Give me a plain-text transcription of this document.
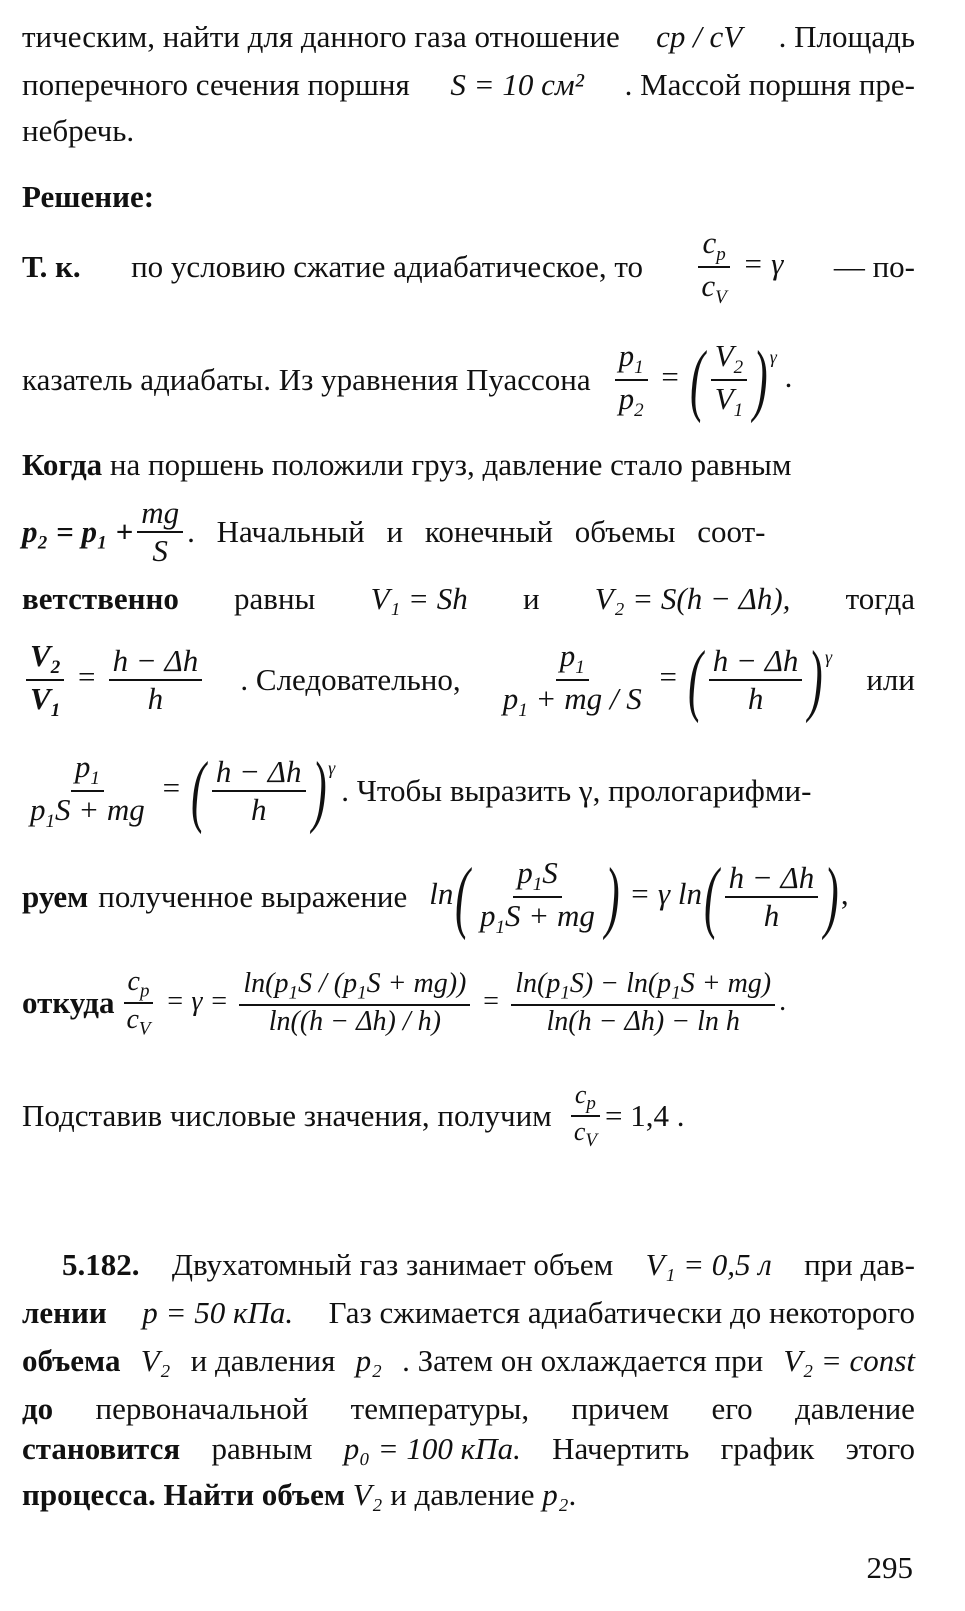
тическим, найти для данного газа отношение cp / cV . Площадь
поперечного сечения поршня S = 10 см² . Массой поршня пре-
небречь.
Решение:
Т. к. по условию сжатие адиабатическое, то $\frac{c_p}{c_V} = \gamma$ — по-
казатель адиабаты. Из уравнения Пуассона $\frac{p_1}{p_2}$ = ( $\frac{V_2}{V_1}$ ) $^\gamma$ .
Когда на поршень положили груз, давление стало равным
$p_2 = p_1 + \frac{mg}{S}$ . Начальный и конечный объемы соот-
ветственно равны V₁ = Sh и V₂ = S(h − Δh), тогда
$\frac{V_2}{V_1} = \frac{h - \Delta h}{h}$ . Следовательно, $\frac{p_1}{p_1 + mg / S}$ = ( $\frac{h - \Delta h}{h}$ ) $^\gamma$
или
$\frac{p_1}{p_1S + mg}$ = ( $\frac{h - \Delta h}{h}$ ) $^\gamma$
. Чтобы выразить γ, прологарифми-
руем полученное выражение $\ln( \frac{p_1S}{p_1S + mg}$ ) = γ $\ln( \frac{h - \Delta h}{h}$ ),
откуда $\frac{c_p}{c_V} = \gamma = \frac{\ln(p_1S / (p_1S + mg))}{\ln((h - \Delta h) / h)} = \frac{\ln(p_1S) - \ln(p_1S + mg)}{\text{ln(h − Δh) − ln h}}$ .
Подставив числовые значения, получим $\frac{c_p}{c_V} = 1,4$ .
5.182. Двухатомный газ занимает объем V₁ = 0,5 л при дав-
лении p = 50 кПа. Газ сжимается адиабатически до некоторого
объема V₂ и давления p₂ . Затем он охлаждается при V₂ = const
до первоначальной температуры, причем его давление
становится равным p₀ = 100 кПа. Начертить график этого
процесса. Найти объем V₂ и давление p₂.
295
